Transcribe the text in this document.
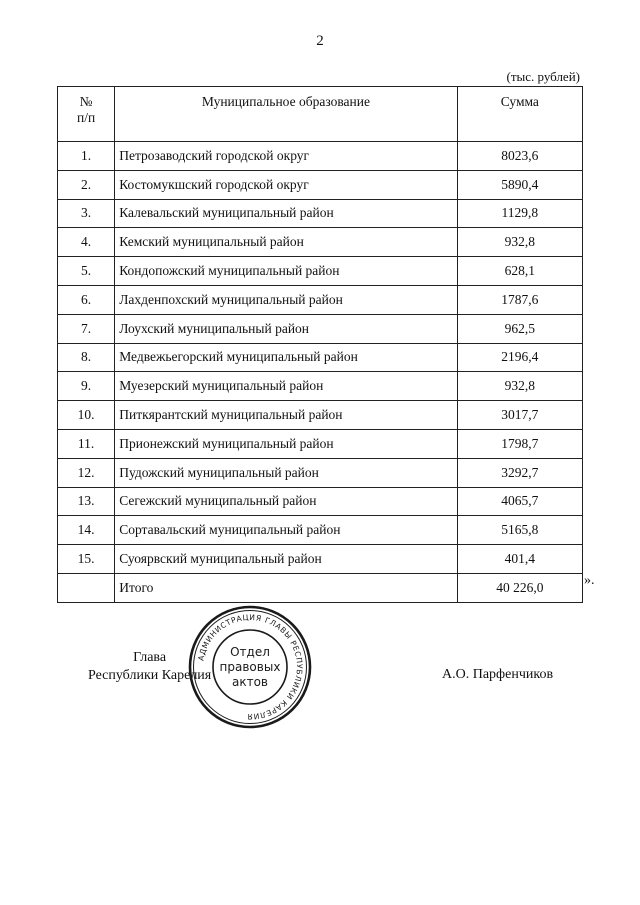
2
(тыс. рублей)
№
п/п	Муниципальное образование	Сумма
1.	Петрозаводский городской округ	8023,6
2.	Костомукшский городской округ	5890,4
3.	Калевальский муниципальный район	1129,8
4.	Кемский муниципальный район	932,8
5.	Кондопожский муниципальный район	628,1
6.	Лахденпохский муниципальный район	1787,6
7.	Лоухский муниципальный район	962,5
8.	Медвежьегорский муниципальный район	2196,4
9.	Муезерский муниципальный район	932,8
10.	Питкярантский муниципальный район	3017,7
11.	Прионежский муниципальный район	1798,7
12.	Пудожский муниципальный район	3292,7
13.	Сегежский муниципальный район	4065,7
14.	Сортавальский муниципальный район	5165,8
15.	Суоярвский муниципальный район	401,4
	Итого	40 226,0	».
Глава
Республики Карелия
АДМИНИСТРАЦИЯ ГЛАВЫ РЕСПУБЛИКИ КАРЕЛИЯ
Отдел
правовых
актов	А.О. Парфенчиков
